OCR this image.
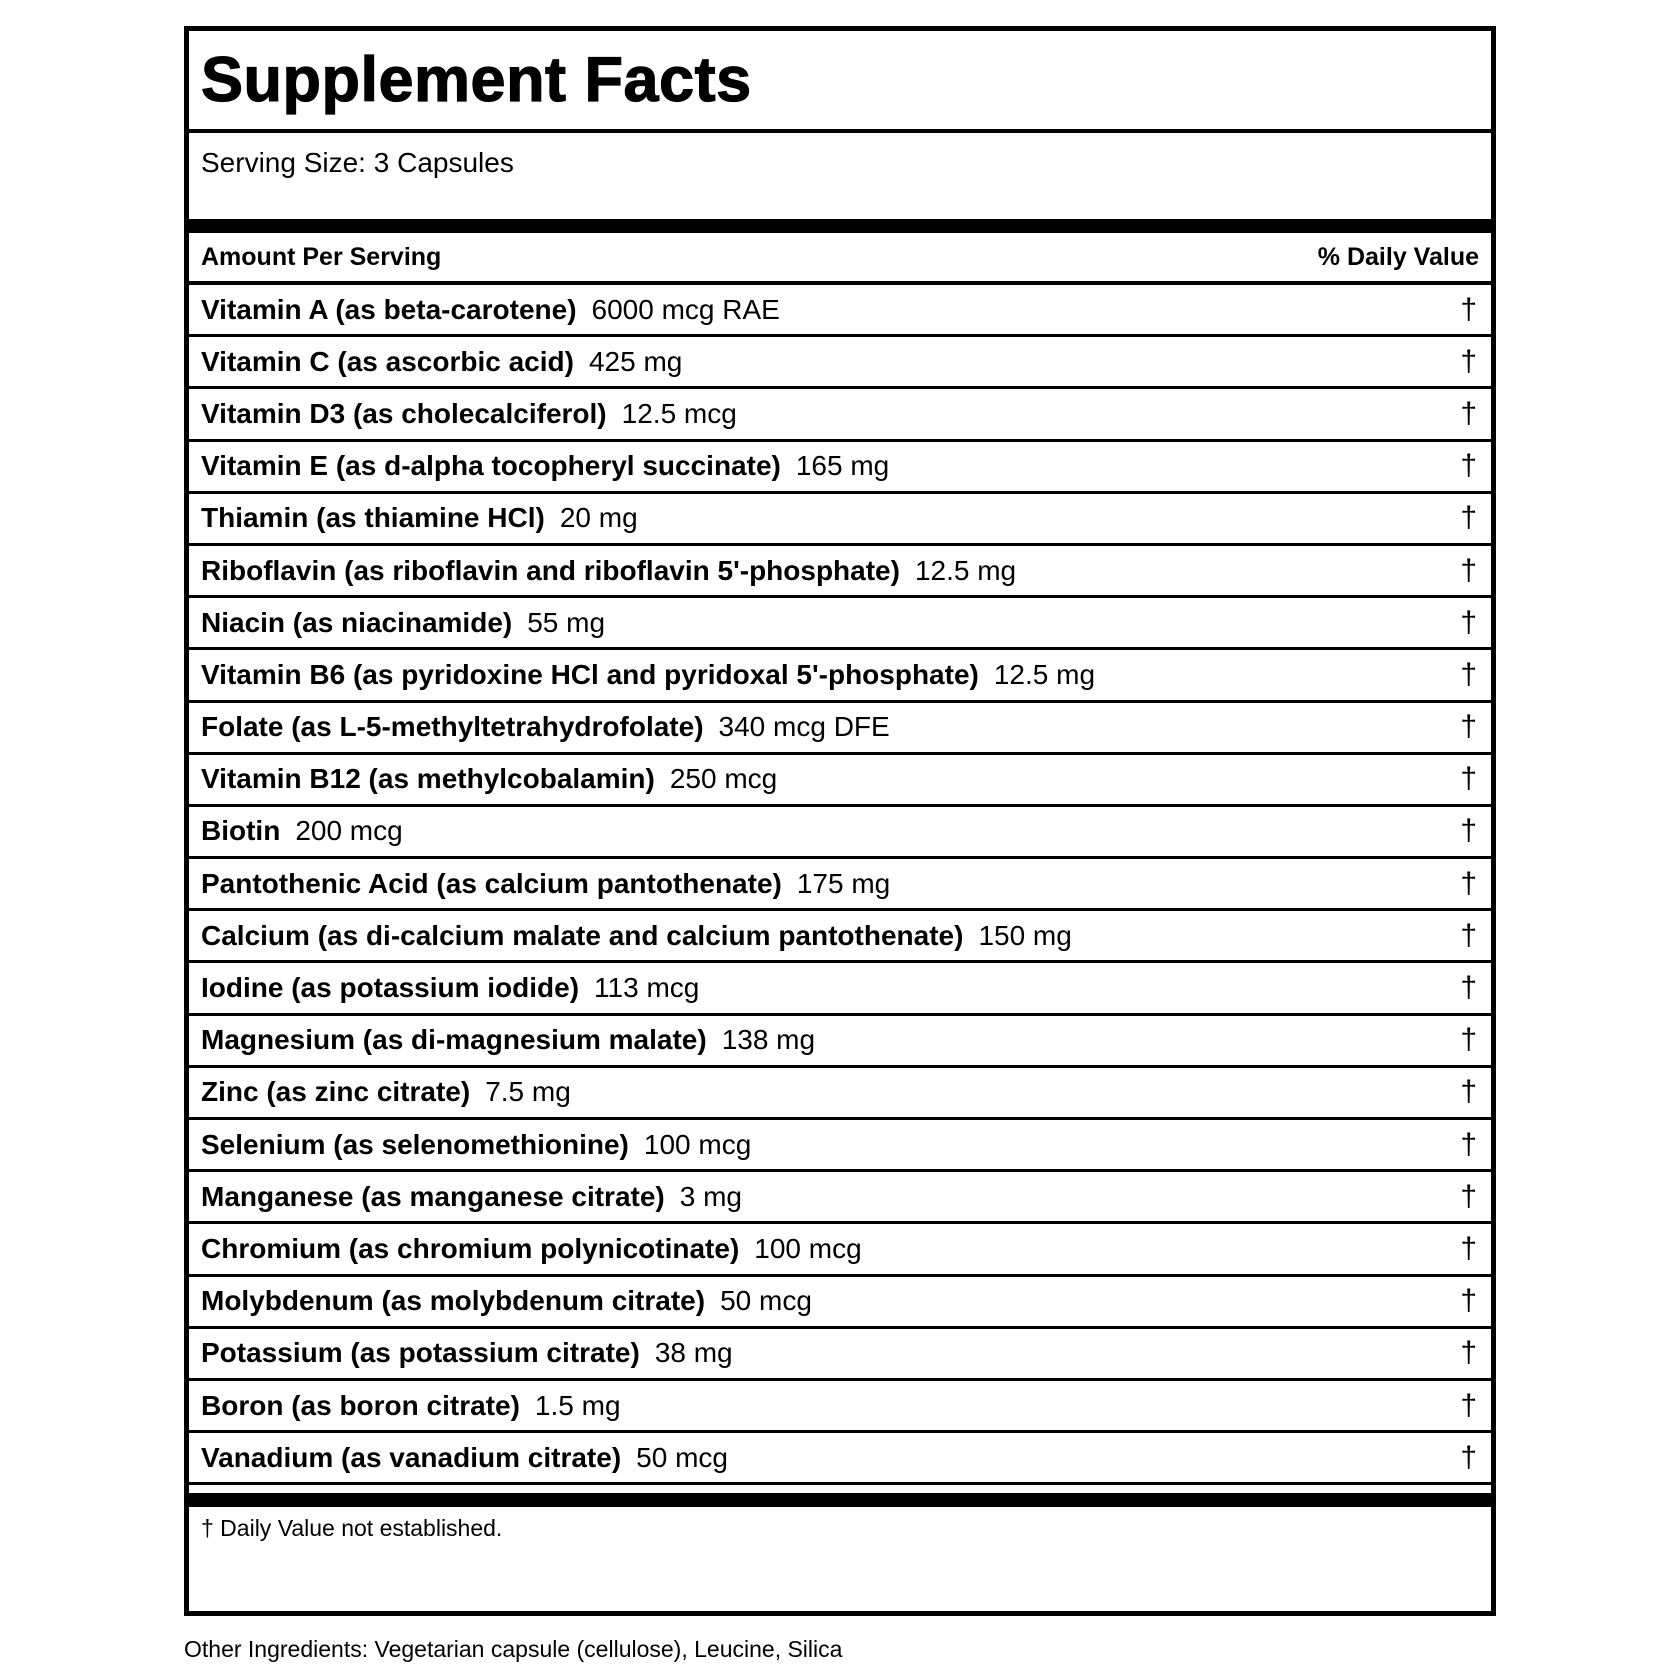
Supplement Facts
Serving Size: 3 Capsules
Amount Per Serving	% Daily Value
Vitamin A (as beta-carotene) 6000 mcg RAE	†
Vitamin C (as ascorbic acid) 425 mg	†
Vitamin D3 (as cholecalciferol) 12.5 mcg	†
Vitamin E (as d-alpha tocopheryl succinate) 165 mg	†
Thiamin (as thiamine HCl) 20 mg	†
Riboflavin (as riboflavin and riboflavin 5'-phosphate) 12.5 mg	†
Niacin (as niacinamide) 55 mg	†
Vitamin B6 (as pyridoxine HCl and pyridoxal 5'-phosphate) 12.5 mg	†
Folate (as L-5-methyltetrahydrofolate) 340 mcg DFE	†
Vitamin B12 (as methylcobalamin) 250 mcg	†
Biotin 200 mcg	†
Pantothenic Acid (as calcium pantothenate) 175 mg	†
Calcium (as di-calcium malate and calcium pantothenate) 150 mg	†
Iodine (as potassium iodide) 113 mcg	†
Magnesium (as di-magnesium malate) 138 mg	†
Zinc (as zinc citrate) 7.5 mg	†
Selenium (as selenomethionine) 100 mcg	†
Manganese (as manganese citrate) 3 mg	†
Chromium (as chromium polynicotinate) 100 mcg	†
Molybdenum (as molybdenum citrate) 50 mcg	†
Potassium (as potassium citrate) 38 mg	†
Boron (as boron citrate) 1.5 mg	†
Vanadium (as vanadium citrate) 50 mcg	†
† Daily Value not established.
Other Ingredients: Vegetarian capsule (cellulose), Leucine, Silica
